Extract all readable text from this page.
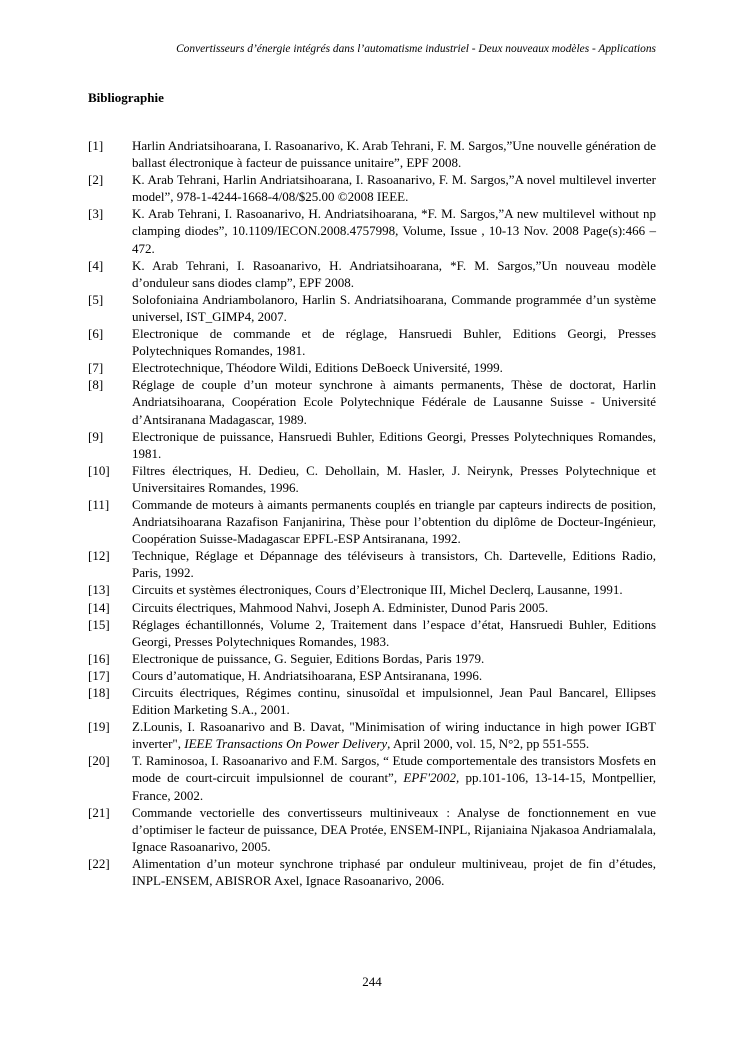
Convertisseurs d’énergie intégrés dans l’automatisme industriel - Deux nouveaux modèles - Applications
Bibliographie
[1]	Harlin Andriatsihoarana, I. Rasoanarivo, K. Arab Tehrani, F. M. Sargos,”Une nouvelle génération de ballast électronique à facteur de puissance unitaire”, EPF 2008.
[2]	K. Arab Tehrani, Harlin Andriatsihoarana, I. Rasoanarivo, F. M. Sargos,”A novel multilevel inverter model”, 978-1-4244-1668-4/08/$25.00 ©2008 IEEE.
[3]	K. Arab Tehrani, I. Rasoanarivo, H. Andriatsihoarana, *F. M. Sargos,”A new multilevel without np clamping diodes”, 10.1109/IECON.2008.4757998, Volume, Issue , 10-13 Nov. 2008 Page(s):466 – 472.
[4]	K. Arab Tehrani, I. Rasoanarivo, H. Andriatsihoarana, *F. M. Sargos,”Un nouveau modèle d’onduleur sans diodes clamp”, EPF 2008.
[5]	Solofoniaina Andriambolanoro, Harlin S. Andriatsihoarana, Commande programmée d’un système universel, IST_GIMP4, 2007.
[6]	Electronique de commande et de réglage, Hansruedi Buhler, Editions Georgi, Presses Polytechniques Romandes, 1981.
[7]	Electrotechnique, Théodore Wildi, Editions DeBoeck Université, 1999.
[8]	Réglage de couple d’un moteur synchrone à aimants permanents, Thèse de doctorat, Harlin Andriatsihoarana, Coopération Ecole Polytechnique Fédérale de Lausanne Suisse - Université d’Antsiranana Madagascar, 1989.
[9]	Electronique de puissance, Hansruedi Buhler, Editions Georgi, Presses Polytechniques Romandes, 1981.
[10]	Filtres électriques, H. Dedieu, C. Dehollain, M. Hasler, J. Neirynk, Presses Polytechnique et Universitaires Romandes, 1996.
[11]	Commande de moteurs à aimants permanents couplés en triangle par capteurs indirects de position, Andriatsihoarana Razafison Fanjanirina, Thèse pour l’obtention du diplôme de Docteur-Ingénieur, Coopération Suisse-Madagascar EPFL-ESP Antsiranana, 1992.
[12]	Technique, Réglage et Dépannage des téléviseurs à transistors, Ch. Dartevelle, Editions Radio, Paris, 1992.
[13]	Circuits et systèmes électroniques, Cours d’Electronique III, Michel Declerq, Lausanne, 1991.
[14]	Circuits électriques, Mahmood Nahvi, Joseph A. Edminister, Dunod Paris 2005.
[15]	Réglages échantillonnés, Volume 2, Traitement dans l’espace d’état, Hansruedi Buhler, Editions Georgi, Presses Polytechniques Romandes, 1983.
[16]	Electronique de puissance, G. Seguier, Editions Bordas, Paris 1979.
[17]	Cours d’automatique, H. Andriatsihoarana, ESP Antsiranana, 1996.
[18]	Circuits électriques, Régimes continu, sinusoïdal et impulsionnel, Jean Paul Bancarel, Ellipses Edition Marketing S.A., 2001.
[19]	Z.Lounis, I. Rasoanarivo and B. Davat, "Minimisation of wiring inductance in high power IGBT inverter", IEEE Transactions On Power Delivery, April 2000, vol. 15, N°2, pp 551-555.
[20]	T. Raminosoa, I. Rasoanarivo and F.M. Sargos, “ Etude comportementale des transistors Mosfets en mode de court-circuit impulsionnel de courant”, EPF'2002, pp.101-106, 13-14-15, Montpellier, France, 2002.
[21]	Commande vectorielle des convertisseurs multiniveaux : Analyse de fonctionnement en vue d’optimiser le facteur de puissance, DEA Protée, ENSEM-INPL, Rijaniaina Njakasoa Andriamalala, Ignace Rasoanarivo, 2005.
[22]	Alimentation d’un moteur synchrone triphasé par onduleur multiniveau, projet de fin d’études, INPL-ENSEM, ABISROR Axel, Ignace Rasoanarivo, 2006.
244
